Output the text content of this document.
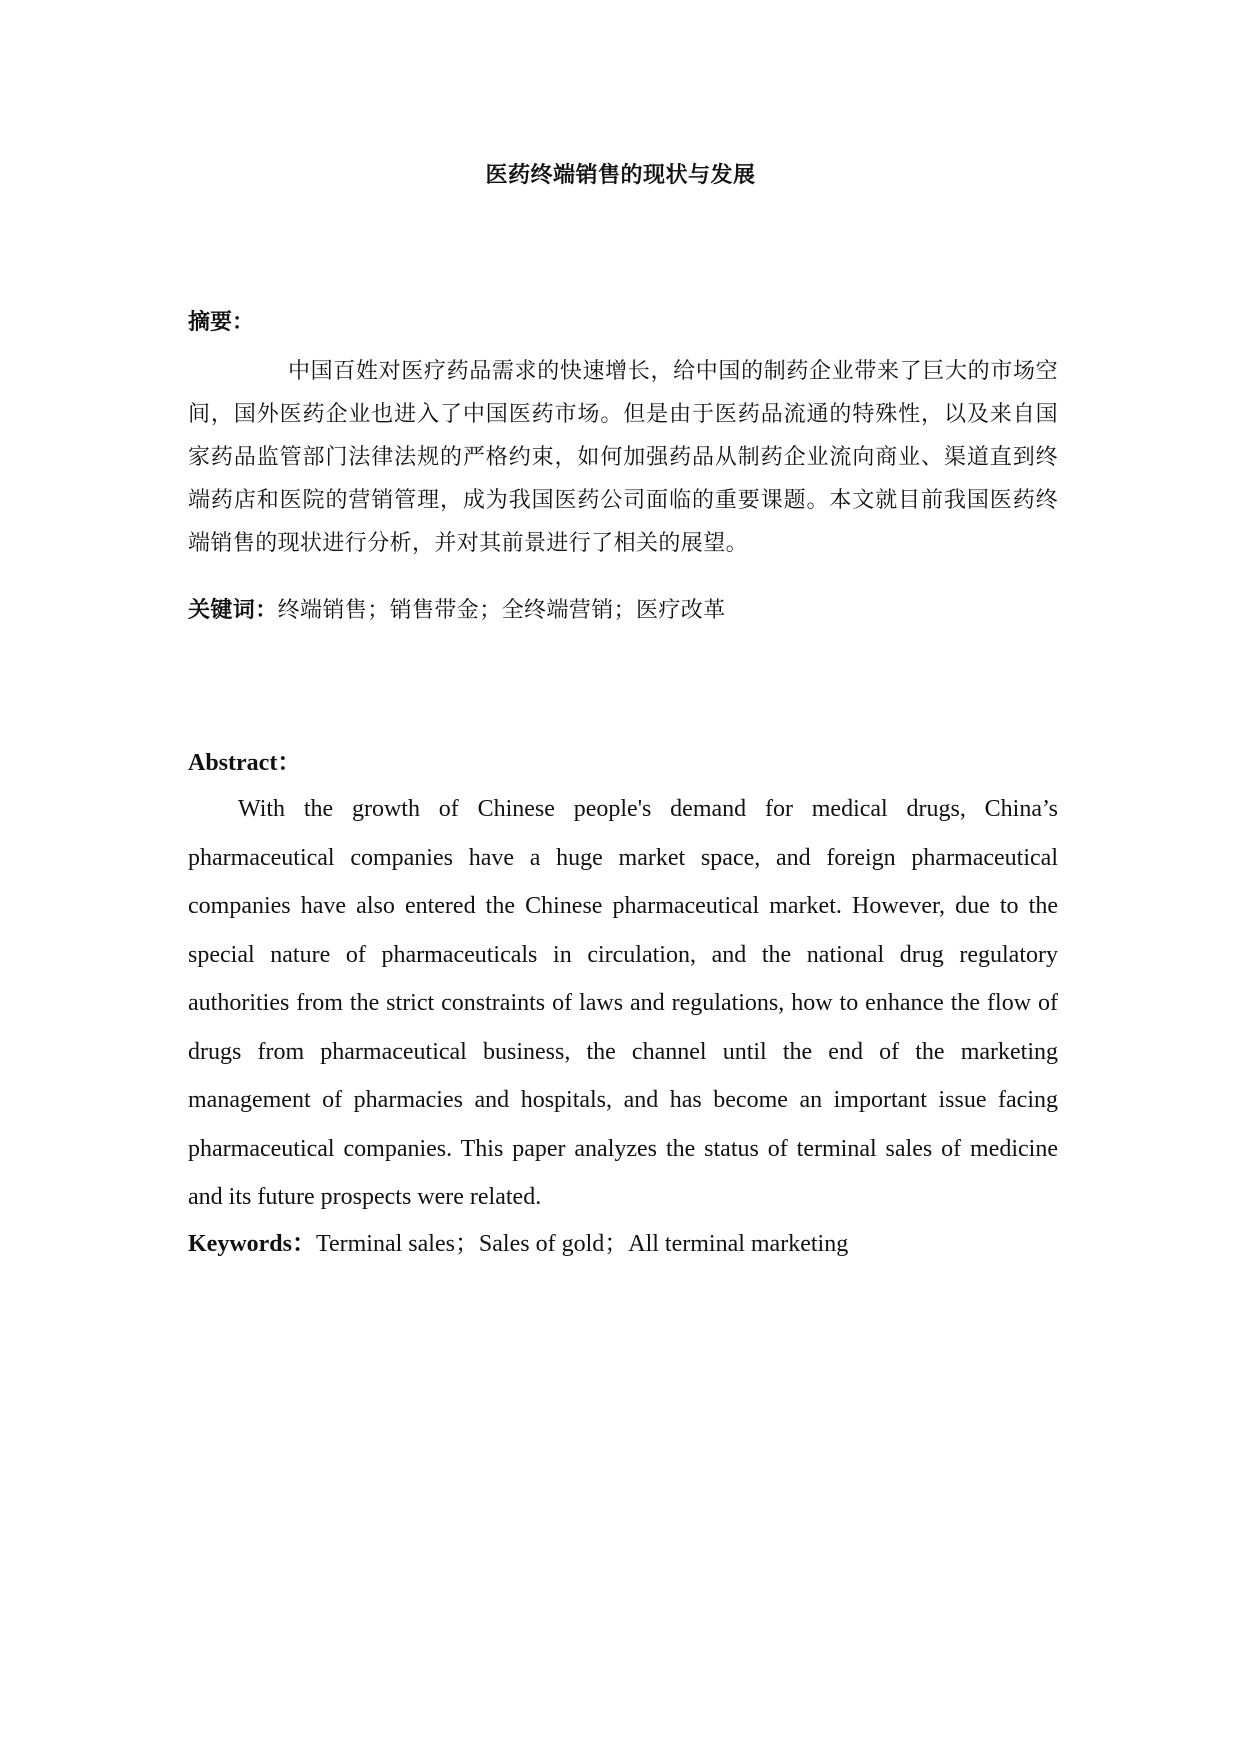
医药终端销售的现状与发展
摘要：
中国百姓对医疗药品需求的快速增长，给中国的制药企业带来了巨大的市场空间，国外医药企业也进入了中国医药市场。但是由于医药品流通的特殊性，以及来自国家药品监管部门法律法规的严格约束，如何加强药品从制药企业流向商业、渠道直到终端药店和医院的营销管理，成为我国医药公司面临的重要课题。本文就目前我国医药终端销售的现状进行分析，并对其前景进行了相关的展望。
关键词：终端销售；销售带金；全终端营销；医疗改革
Abstract：
With the growth of Chinese people's demand for medical drugs, China’s pharmaceutical companies have a huge market space, and foreign pharmaceutical companies have also entered the Chinese pharmaceutical market. However, due to the special nature of pharmaceuticals in circulation, and the national drug regulatory authorities from the strict constraints of laws and regulations, how to enhance the flow of drugs from pharmaceutical business, the channel until the end of the marketing management of pharmacies and hospitals, and has become an important issue facing pharmaceutical companies. This paper analyzes the status of terminal sales of medicine and its future prospects were related.
Keywords：Terminal sales；Sales of gold；All terminal marketing
